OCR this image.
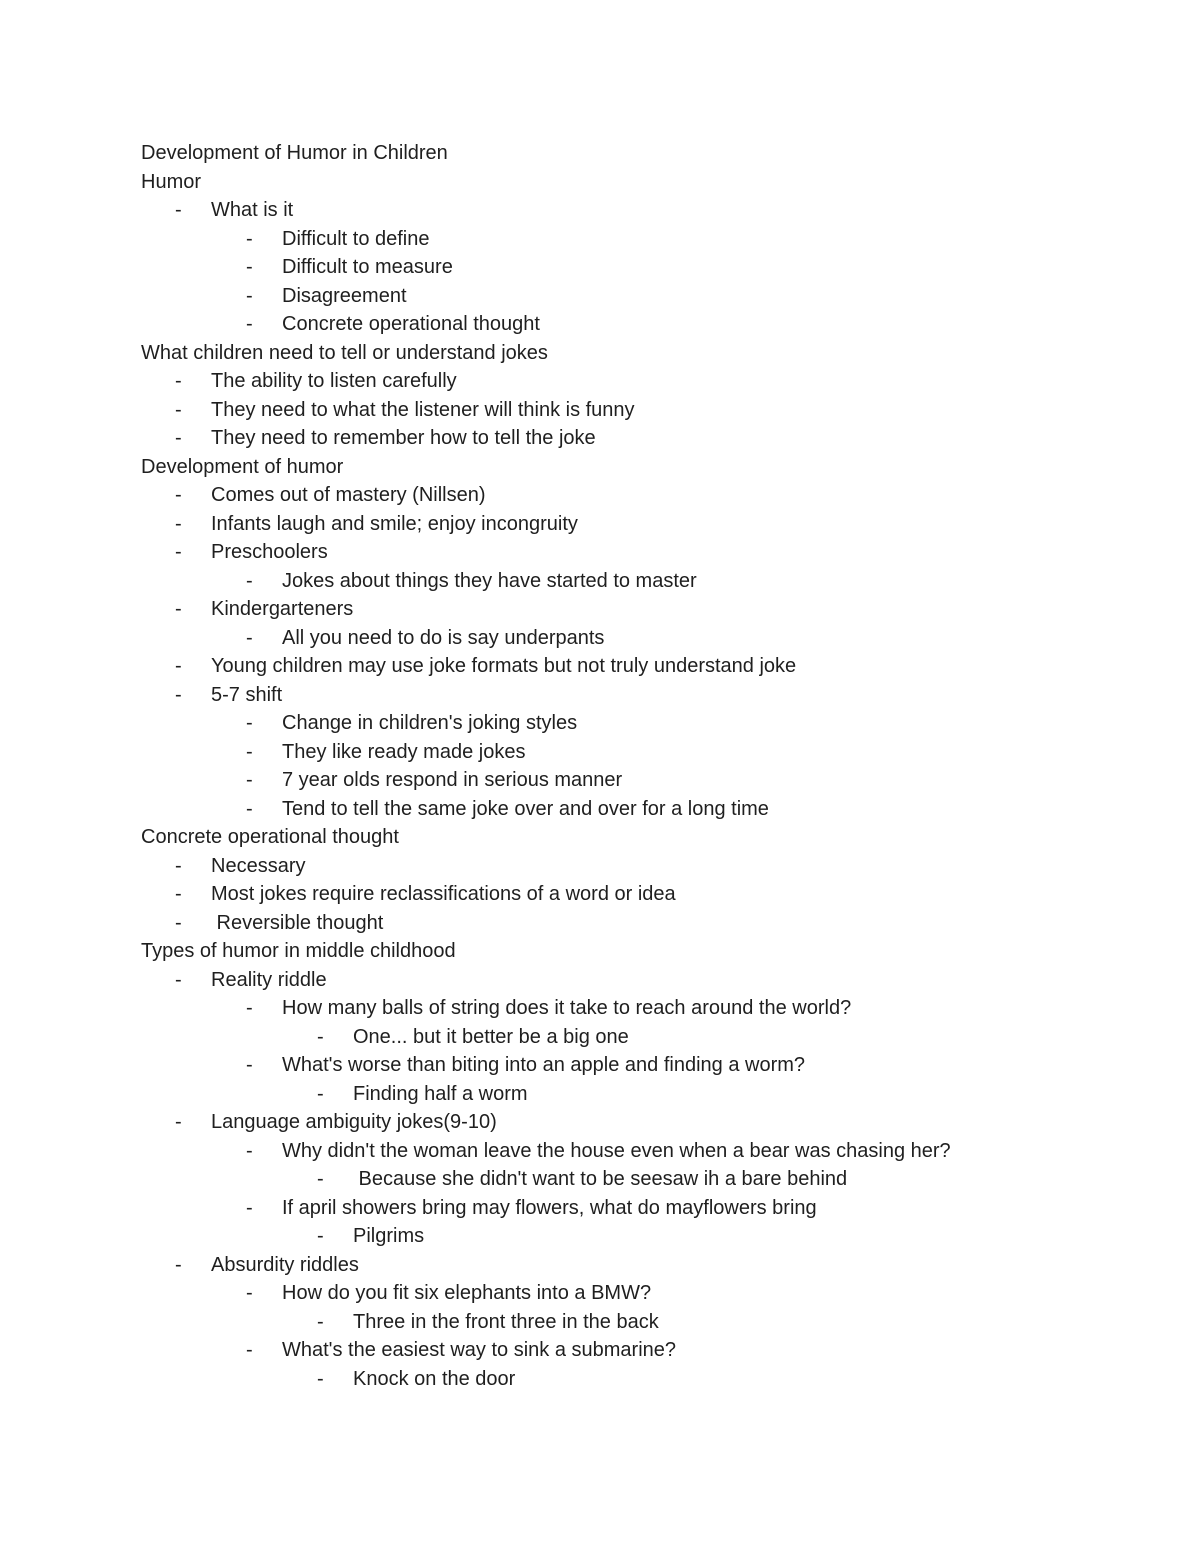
Development of Humor in Children
Humor
- What is it
- Difficult to define
- Difficult to measure
- Disagreement
- Concrete operational thought
What children need to tell or understand jokes
- The ability to listen carefully
- They need to what the listener will think is funny
- They need to remember how to tell the joke
Development of humor
- Comes out of mastery (Nillsen)
- Infants laugh and smile; enjoy incongruity
- Preschoolers
- Jokes about things they have started to master
- Kindergarteners
- All you need to do is say underpants
- Young children may use joke formats but not truly understand joke
- 5-7 shift
- Change in children's joking styles
- They like ready made jokes
- 7 year olds respond in serious manner
- Tend to tell the same joke over and over for a long time
Concrete operational thought
- Necessary
- Most jokes require reclassifications of a word or idea
- Reversible thought
Types of humor in middle childhood
- Reality riddle
- How many balls of string does it take to reach around the world?
- One... but it better be a big one
- What's worse than biting into an apple and finding a worm?
- Finding half a worm
- Language ambiguity jokes(9-10)
- Why didn't the woman leave the house even when a bear was chasing her?
- Because she didn't want to be seesaw ih a bare behind
- If april showers bring may flowers, what do mayflowers bring
- Pilgrims
- Absurdity riddles
- How do you fit six elephants into a BMW?
- Three in the front three in the back
- What's the easiest way to sink a submarine?
- Knock on the door
